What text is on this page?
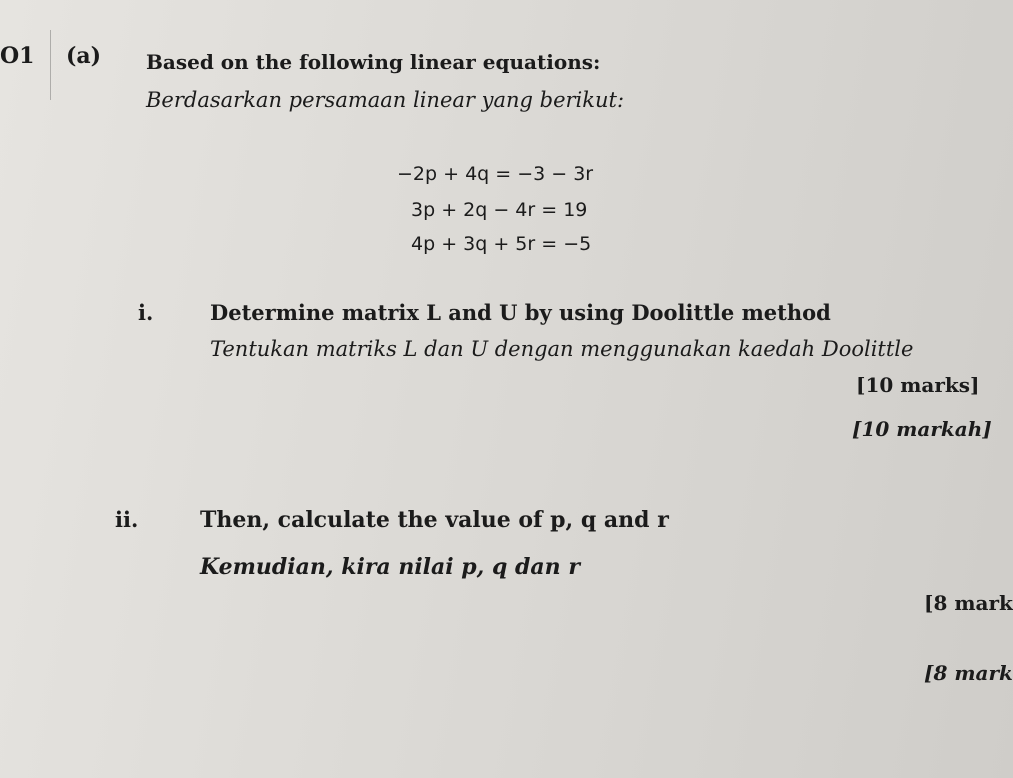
O1 (a) Based on the following linear equations:
Berdasarkan persamaan linear yang berikut:
−2p + 4q = −3 − 3r
3p + 2q − 4r = 19
4p + 3q + 5r = −5
i.	Determine matrix L and U by using Doolittle method
Tentukan matriks L dan U dengan menggunakan kaedah Doolittle
[10 marks]
[10 markah]
ii.	Then, calculate the value of p, q and r
Kemudian, kira nilai p, q dan r
[8 mark
[8 mark
